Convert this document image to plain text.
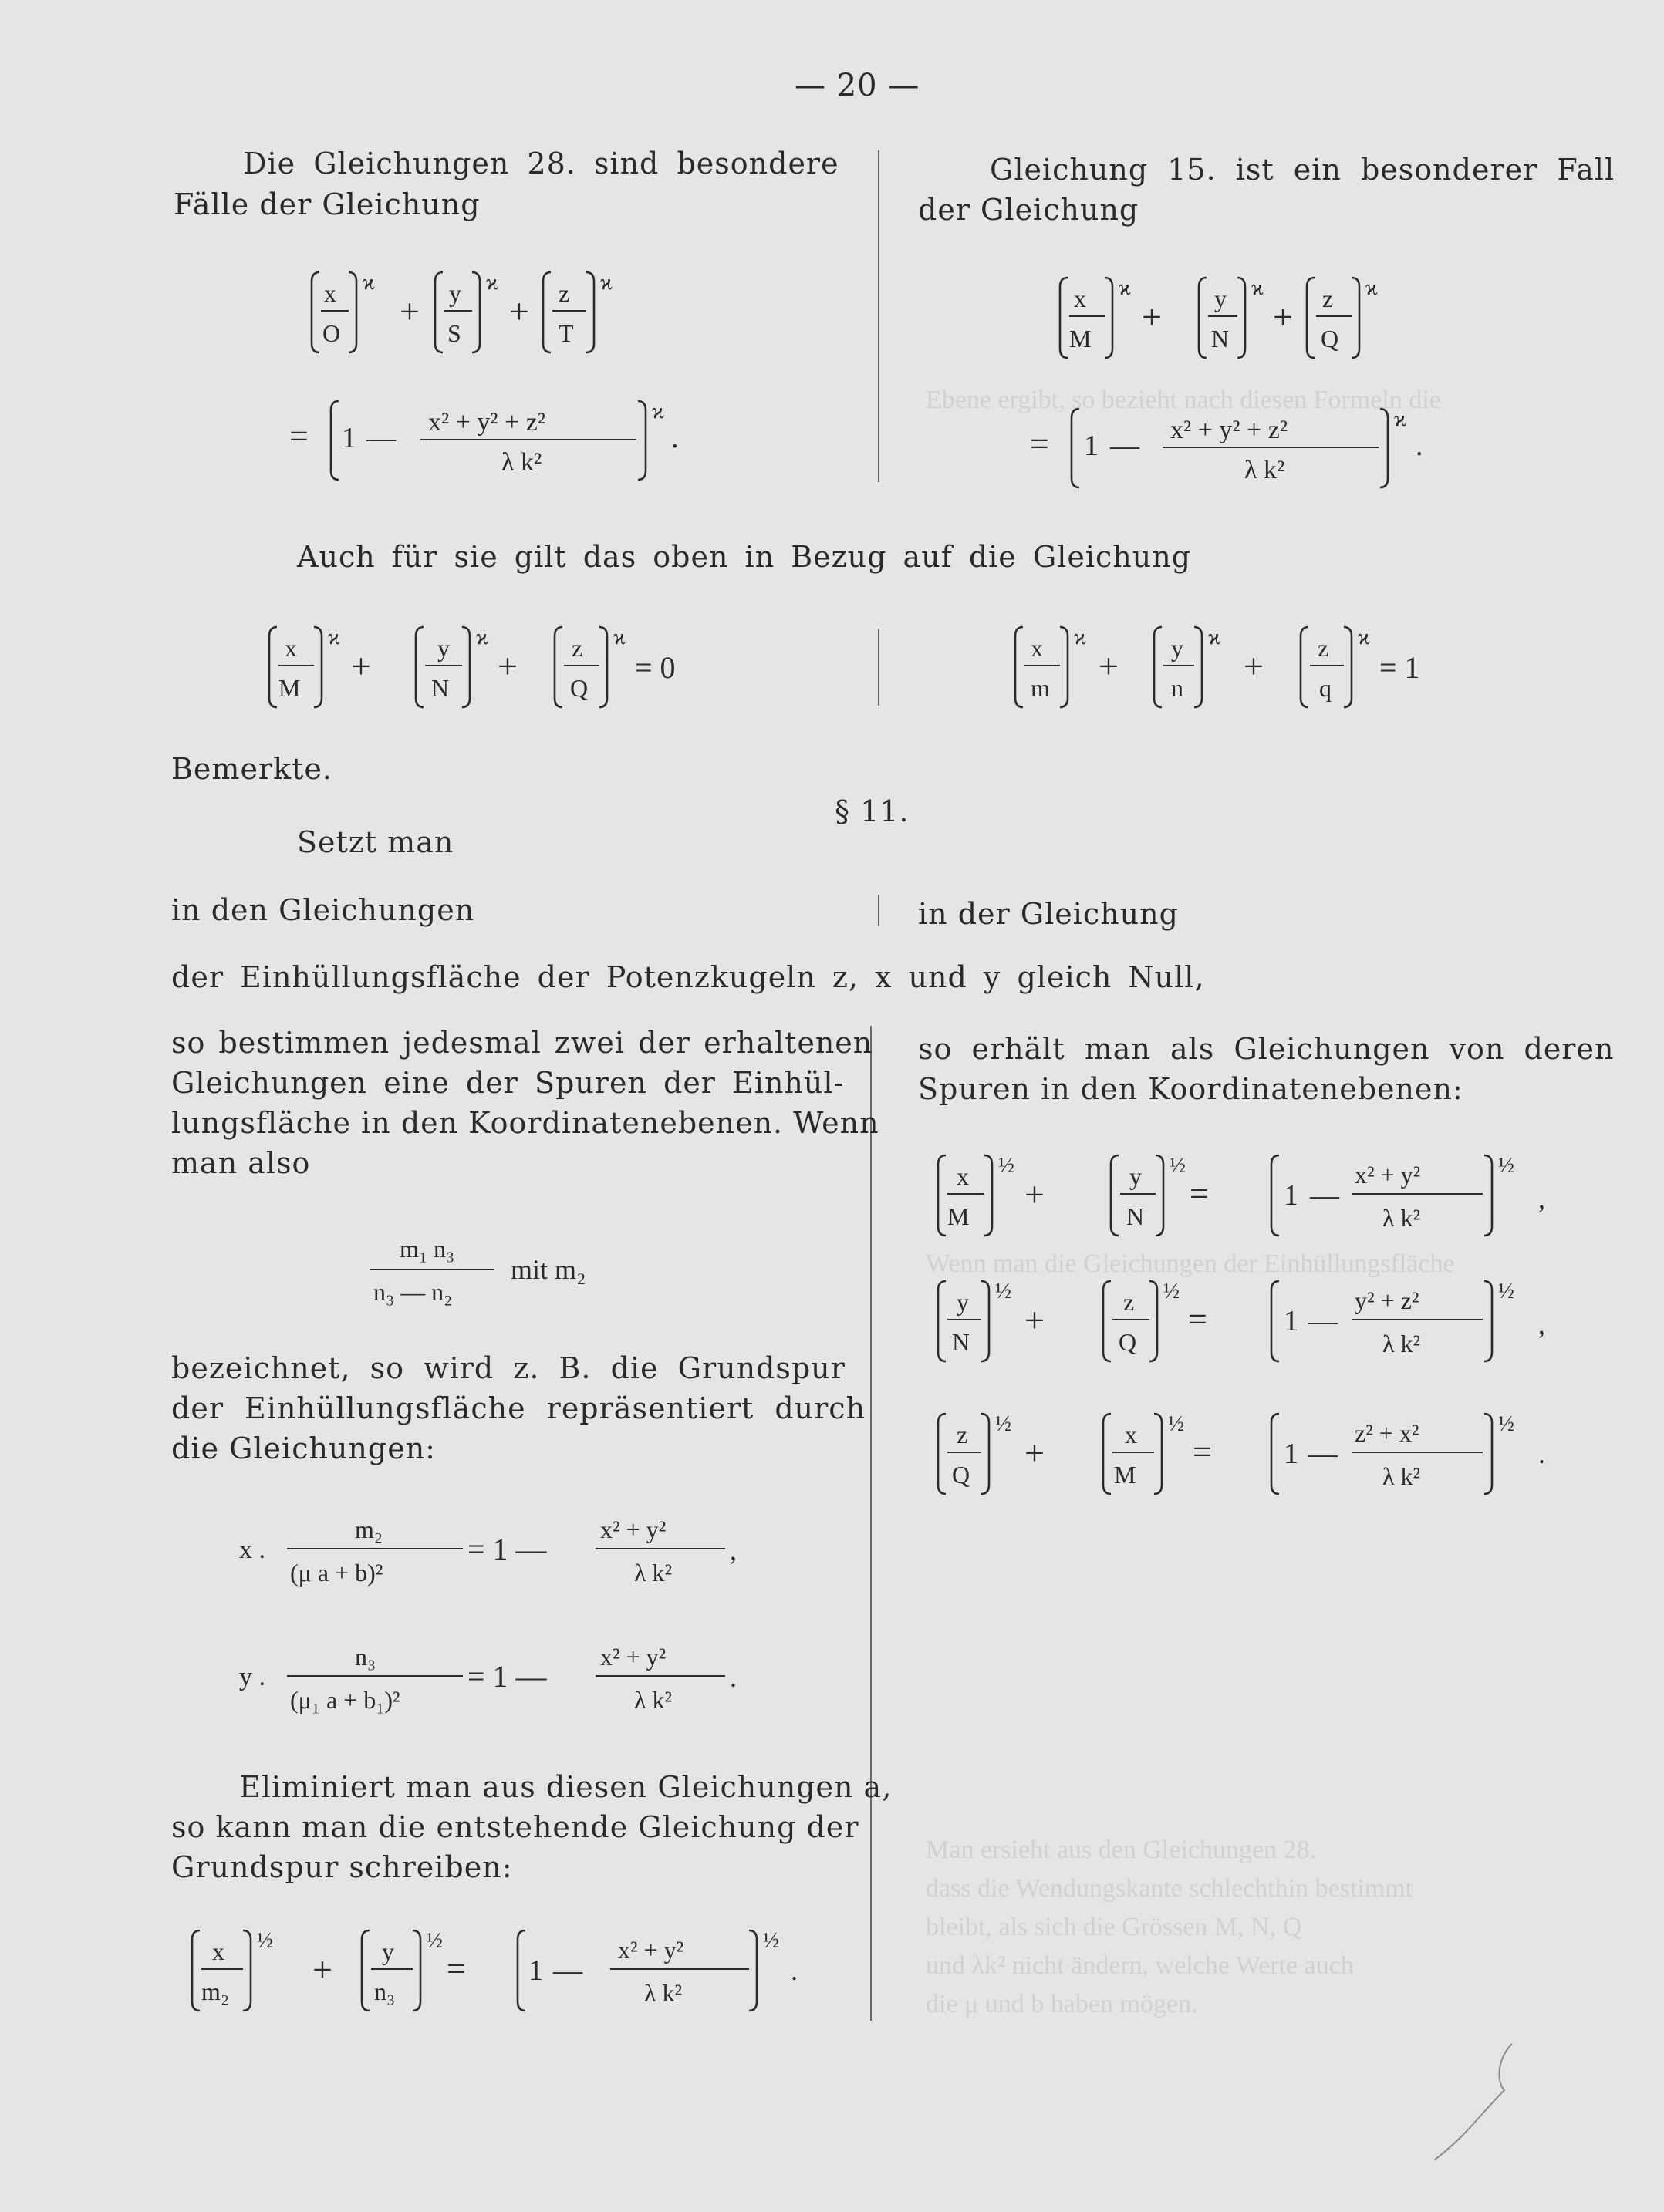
Ebene ergibt, so bezieht nach diesen Formeln die
Wenn man die Gleichungen der Einhüllungsfläche
Man ersieht aus den Gleichungen 28.
dass die Wendungskante schlechthin bestimmt
bleibt, als sich die Grössen M, N, Q
und λk² nicht ändern, welche Werte auch
die μ und b haben mögen.
— 20 —
Die Gleichungen 28. sind besondere
Fälle der Gleichung
Gleichung 15. ist ein besonderer Fall
der Gleichung
x
O
ϰ
+ y
S
ϰ
+ z
T
ϰ
= 1 — x² + y² + z²
λ k²
ϰ
.
x
M
ϰ
+ y
N
ϰ
+ z
Q
ϰ
= 1 — x² + y² + z²
λ k²
ϰ
.
Auch für sie gilt das oben in Bezug auf die Gleichung
x
M
ϰ
+	y
N
ϰ
+ z
Q
ϰ
= 0
x
m
ϰ
+ y
n
ϰ
+ z
q
ϰ
= 1
Bemerkte.
§ 11.
Setzt man
in den Gleichungen	in der Gleichung
der Einhüllungsfläche der Potenzkugeln z, x und y gleich Null,
so bestimmen jedesmal zwei der erhaltenen
Gleichungen eine der Spuren der Einhül-
lungsfläche in den Koordinatenebenen. Wenn
man also
m₁ n₃
n₃ — n₂
mit m₂
bezeichnet, so wird z. B. die Grundspur
der Einhüllungsfläche repräsentiert durch
die Gleichungen:
x .
m₂
(μ a + b)²
= 1 —
x² + y²
λ k²
,
y .
n₃
(μ₁ a + b₁)²
= 1 —
x² + y²
λ k²
.
Eliminiert man aus diesen Gleichungen a,
so kann man die entstehende Gleichung der
Grundspur schreiben:
x
m₂
½
+ y
n₃
½
= 1 —
x² + y²
λ k²
½
.
so erhält man als Gleichungen von deren
Spuren in den Koordinatenebenen:
x
M
½
+	y
N
½
=	1 —
x² + y²
λ k²
½
,
y
N
½
+	z
Q
½
=	1 —
y² + z²
λ k²
½
,
z
Q
½
+	x
M
½
= 1 —
z² + x²
λ k²
½
.
